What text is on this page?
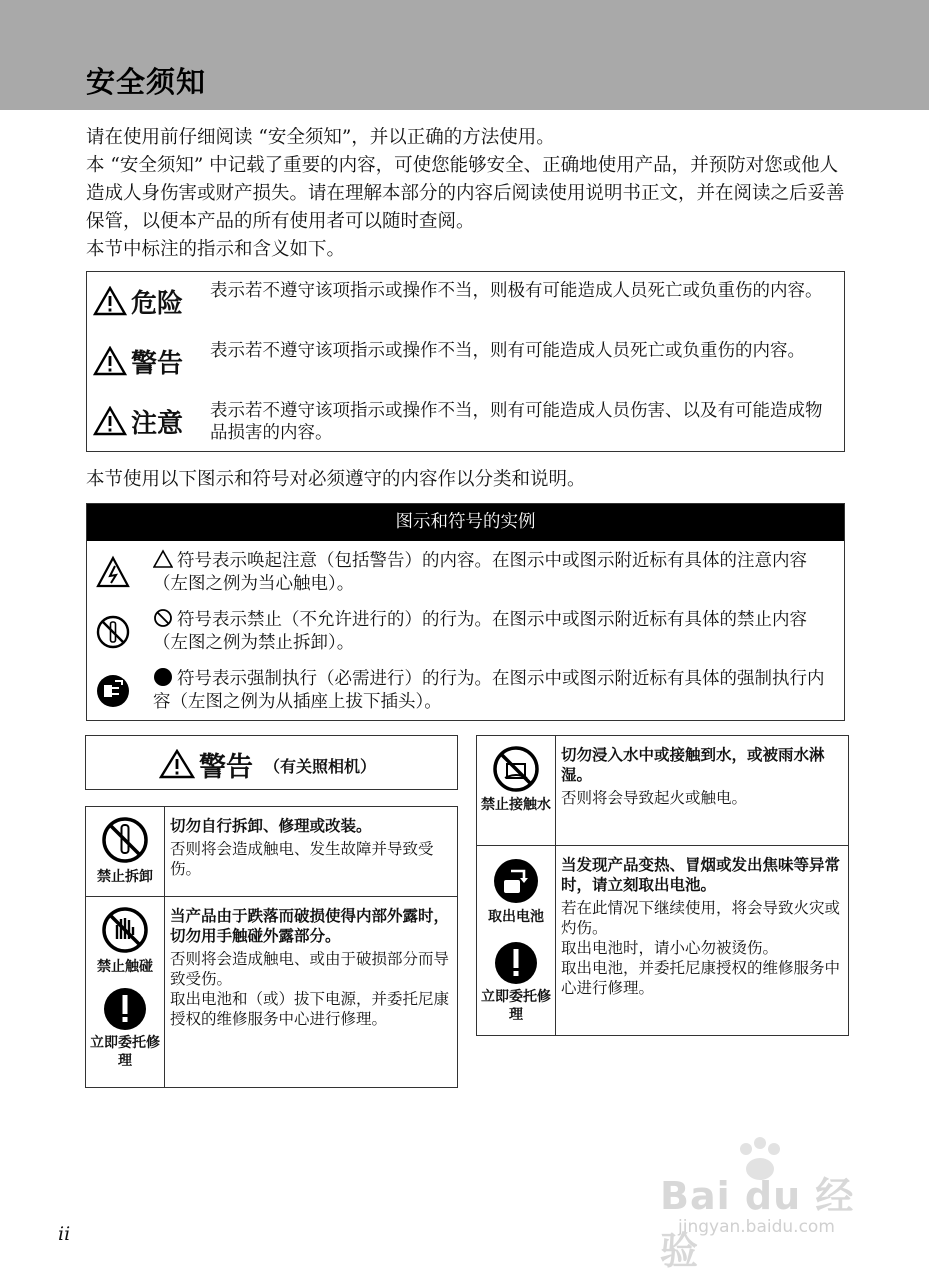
安全须知

请在使用前仔细阅读 “安全须知”，并以正确的方法使用。

本 “安全须知” 中记载了重要的内容，可使您能够安全、正确地使用产品，并预防对您或他人造成人身伤害或财产损失。请在理解本部分的内容后阅读使用说明书正文，并在阅读之后妥善保管，以便本产品的所有使用者可以随时查阅。

本节中标注的指示和含义如下。

危险 表示若不遵守该项指示或操作不当，则极有可能造成人员死亡或负重伤的内容。
警告 表示若不遵守该项指示或操作不当，则有可能造成人员死亡或负重伤的内容。
注意 表示若不遵守该项指示或操作不当，则有可能造成人员伤害、以及有可能造成物品损害的内容。
本节使用以下图示和符号对必须遵守的内容作以分类和说明。
图示和符号的实例
符号表示唤起注意（包括警告）的内容。在图示中或图示附近标有具体的注意内容（左图之例为当心触电）。
符号表示禁止（不允许进行的）的行为。在图示中或图示附近标有具体的禁止内容（左图之例为禁止拆卸）。
符号表示强制执行（必需进行）的行为。在图示中或图示附近标有具体的强制执行内容（左图之例为从插座上拔下插头）。
警告 （有关照相机）
禁止拆卸

切勿自行拆卸、修理或改装。

否则将会造成触电、发生故障并导致受伤。

禁止触碰
立即委托修理

当产品由于跌落而破损使得内部外露时，切勿用手触碰外露部分。

否则将会造成触电、或由于破损部分而导致受伤。

取出电池和（或）拔下电源，并委托尼康授权的维修服务中心进行修理。

禁止接触水

切勿浸入水中或接触到水，或被雨水淋湿。

否则将会导致起火或触电。

取出电池
立即委托修理

当发现产品变热、冒烟或发出焦味等异常时，请立刻取出电池。

若在此情况下继续使用，将会导致火灾或灼伤。

取出电池时，请小心勿被烫伤。

取出电池，并委托尼康授权的维修服务中心进行修理。

ii
Bai du 经验
jingyan.baidu.com
